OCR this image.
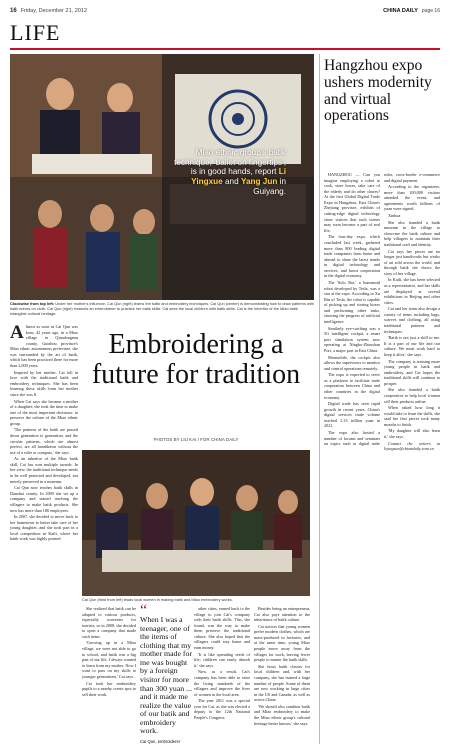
16 Friday, December 21, 2012	CHINA DAILY page 16
LIFE
Miao ethnic group's batik technique, 'ballet on fingertips', is in good hands, report Li Yingxue and Yang Jun in Guiyang.
Clockwise from top left: Under her mother's influence, Cai Qun (right) learns the batik and embroidery techniques. Cai Qun (center) is demonstrating how to draw patterns with batik knives on cloth. Cai Qun (right) instructs an embroiderer to practice her batik skills. Cai sees the local children with batik skills. Cai is the inheritor of the Miao batik intangible cultural heritage.

Almost as soon as Cai Qun was born, 42 years ago, in a Miao village in Qiandongnan county, Guizhou province's Miao ethnic autonomous prefecture, she was surrounded by the art of batik, which has been practiced there for more than 2,000 years.

Inspired by her mother, Cai fell in love with the traditional batik and embroidery techniques. She has been learning these skills from her mother since she was 8.

When Cai says she became a mother of a daughter, she took the time to make one of the most important decisions: to preserve the culture of the Miao ethnic group.

'The patterns of the batik are passed down generation to generation, and the circular patterns, which are almost perfect, are all handdrawn without the use of a ruler or compass,' she says.

As an inheritor of the Miao batik skill, Cai has won multiple awards. In her view, the traditional technique needs to be well protected and developed, not merely preserved in a museum.

Cai Qun now teaches batik skills in Danzhai county. In 2009 she set up a company and started teaching the villagers to make batik products. She now has more than 180 employees.

In 2007, she decided to move back to her hometown to better take care of her young daughter, and she took part in a local competition in Kaili, where her batik work was highly praised.

Embroidering a future for tradition
PHOTOS BY LIU KAI / FOR CHINA DAILY
Cai Qun (third from left) leads local women in making batik and Miao embroidery works.

She realized that batik can be adapted to various products, especially souvenirs for tourists, so in 2008, she decided to open a company that made such items.

'Growing up in a Miao village, we were not able to go to school, and batik was a big part of our life. I always wanted to learn from my mother. Now I want to pass on my skills to younger generations,' Cai says.

Cai took her embroidery pupils to a nearby scenic spot to sell their work.

“
When I was a teenager, one of the items of clothing that my mother made for me was bought by a foreign visitor for more than 300 yuan ... and it made me realize the value of our batik and embroidery work.
Cai Qun, embroiderer

other cities, earned back to the village to join Cai's company with their batik skills. This, she found, was the way to make them preserve the traditional culture. She also hoped that the villagers could stay home and earn money.

'It is like spreading seeds of life; children can easily absorb it,' she says.

Now, as a result, Cai's company has been able to raise the living standards of the villagers and improve the lives of women in the local area.

The year 2011 was a special year for Cai, as she was elected a deputy to the 12th National People's Congress.

Besides being an entrepreneur, Cai also pays attention to the inheritance of batik culture.

Cai notices that young women prefer modern clothes, which are mass-produced in factories, and at the same time, young Miao people move away from the villages for work, leaving fewer people to master the batik skills.

She hosts batik classes for local children and, with her company, she has trained a large number of people. Some of them are now working in large cities in the US and Canada, as well as across China.

'We should also combine batik and Miao embroidery to make the Miao ethnic group's cultural heritage better known,' she says.

Hangzhou expo ushers modernity and virtual operations

HANGZHOU — Can you imagine employing a robot to cook, store boxes, take care of the elderly and do other chores? At the first Global Digital Trade Expo in Hangzhou, East China's Zhejiang province, exhibits of cutting-edge digital technology show visitors that such scenes may soon become a part of real life.

The four-day expo, which concluded last week, gathered more than 800 leading digital trade companies from home and abroad to share the latest trends in digital technology and services, and boost cooperation in the digital economy.

The 'Solo Bot,' a humanoid robot developed by Tesla, was a star at the expo. According to Xu Bin of Tesla, the robot is capable of picking up and storing boxes and performing other tasks, showing the progress of artificial intelligence.

Similarly eye-catching was a 5G intelligent cockpit, a smart port simulation system now operating at Ningbo-Zhoushan Port, a major port in East China.

Meanwhile, the cockpit also allows the supervisors to monitor and control operations remotely.

The expo is expected to serve as a platform to facilitate trade cooperation between China and other countries in the digital economy.

Digital trade has seen rapid growth in recent years. China's digital services trade volume reached 2.33 trillion yuan in 2021.

The expo also hosted a number of forums and seminars on topics such as digital trade rules, cross-border e-commerce and digital payment.

According to the organizers, more than 100,000 visitors attended the event, and agreements worth billions of yuan were signed.

Xinhua

She also founded a batik museum in the village to showcase the batik culture and help villagers to maintain their traditional craft and identity.

Cai says her pieces are no longer just handicrafts but works of art sold across the world, and through batik she shows the story of her village.

In Kaili, she has been selected as a representative, and her skills are displayed at several exhibitions in Beijing and other cities.

Cai and her team also design a variety of items including bags, scarves and clothing, all using traditional patterns and techniques.

'Batik is not just a skill to me. It is a part of our life and our culture. We must work hard to keep it alive,' she says.

The company is training more young people in batik and embroidery, and Cai hopes the traditional skills will continue to prosper.

She also founded a batik cooperative to help local women sell their products online.

When asked how long it would take to learn the skills, she said her first pieces took many months to finish.

'My daughter will also learn it,' she says.

Contact the writers at liyingxue@chinadaily.com.cn
